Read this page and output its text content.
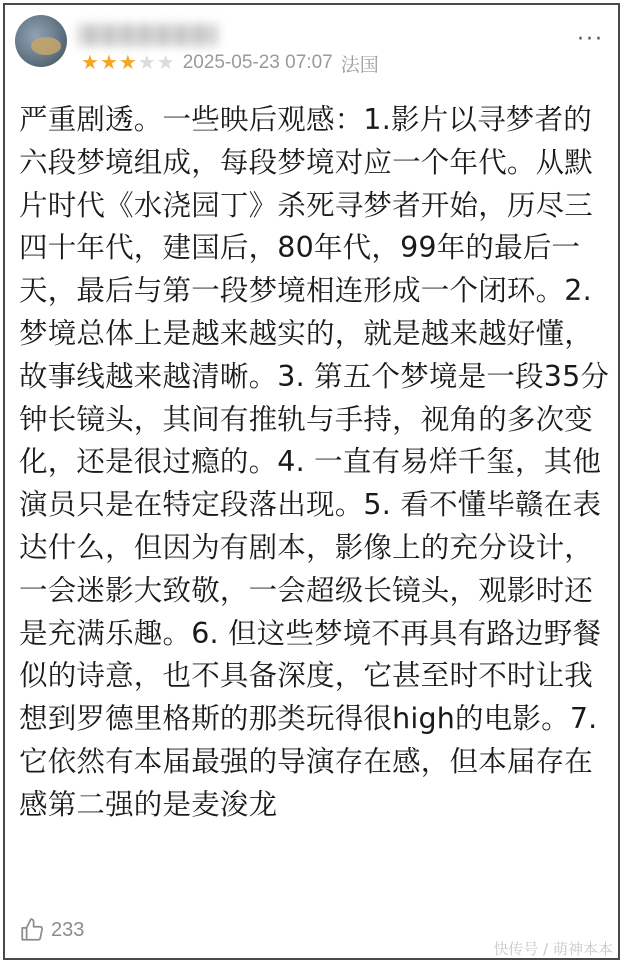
···
★ ★ ★ ★ ★ 2025-05-23 07:07 法国
严重剧透。一些映后观感：1.影片以寻梦者的六段梦境组成，每段梦境对应一个年代。从默片时代《水浇园丁》杀死寻梦者开始，历尽三四十年代，建国后，80年代，99年的最后一天，最后与第一段梦境相连形成一个闭环。2. 梦境总体上是越来越实的，就是越来越好懂，故事线越来越清晰。3. 第五个梦境是一段35分钟长镜头，其间有推轨与手持，视角的多次变化，还是很过瘾的。4. 一直有易烊千玺，其他演员只是在特定段落出现。5. 看不懂毕赣在表达什么，但因为有剧本，影像上的充分设计，一会迷影大致敬，一会超级长镜头，观影时还是充满乐趣。6. 但这些梦境不再具有路边野餐似的诗意，也不具备深度，它甚至时不时让我想到罗德里格斯的那类玩得很high的电影。7. 它依然有本届最强的导演存在感，但本届存在感第二强的是麦浚龙
233
快传号 / 萌神本本
